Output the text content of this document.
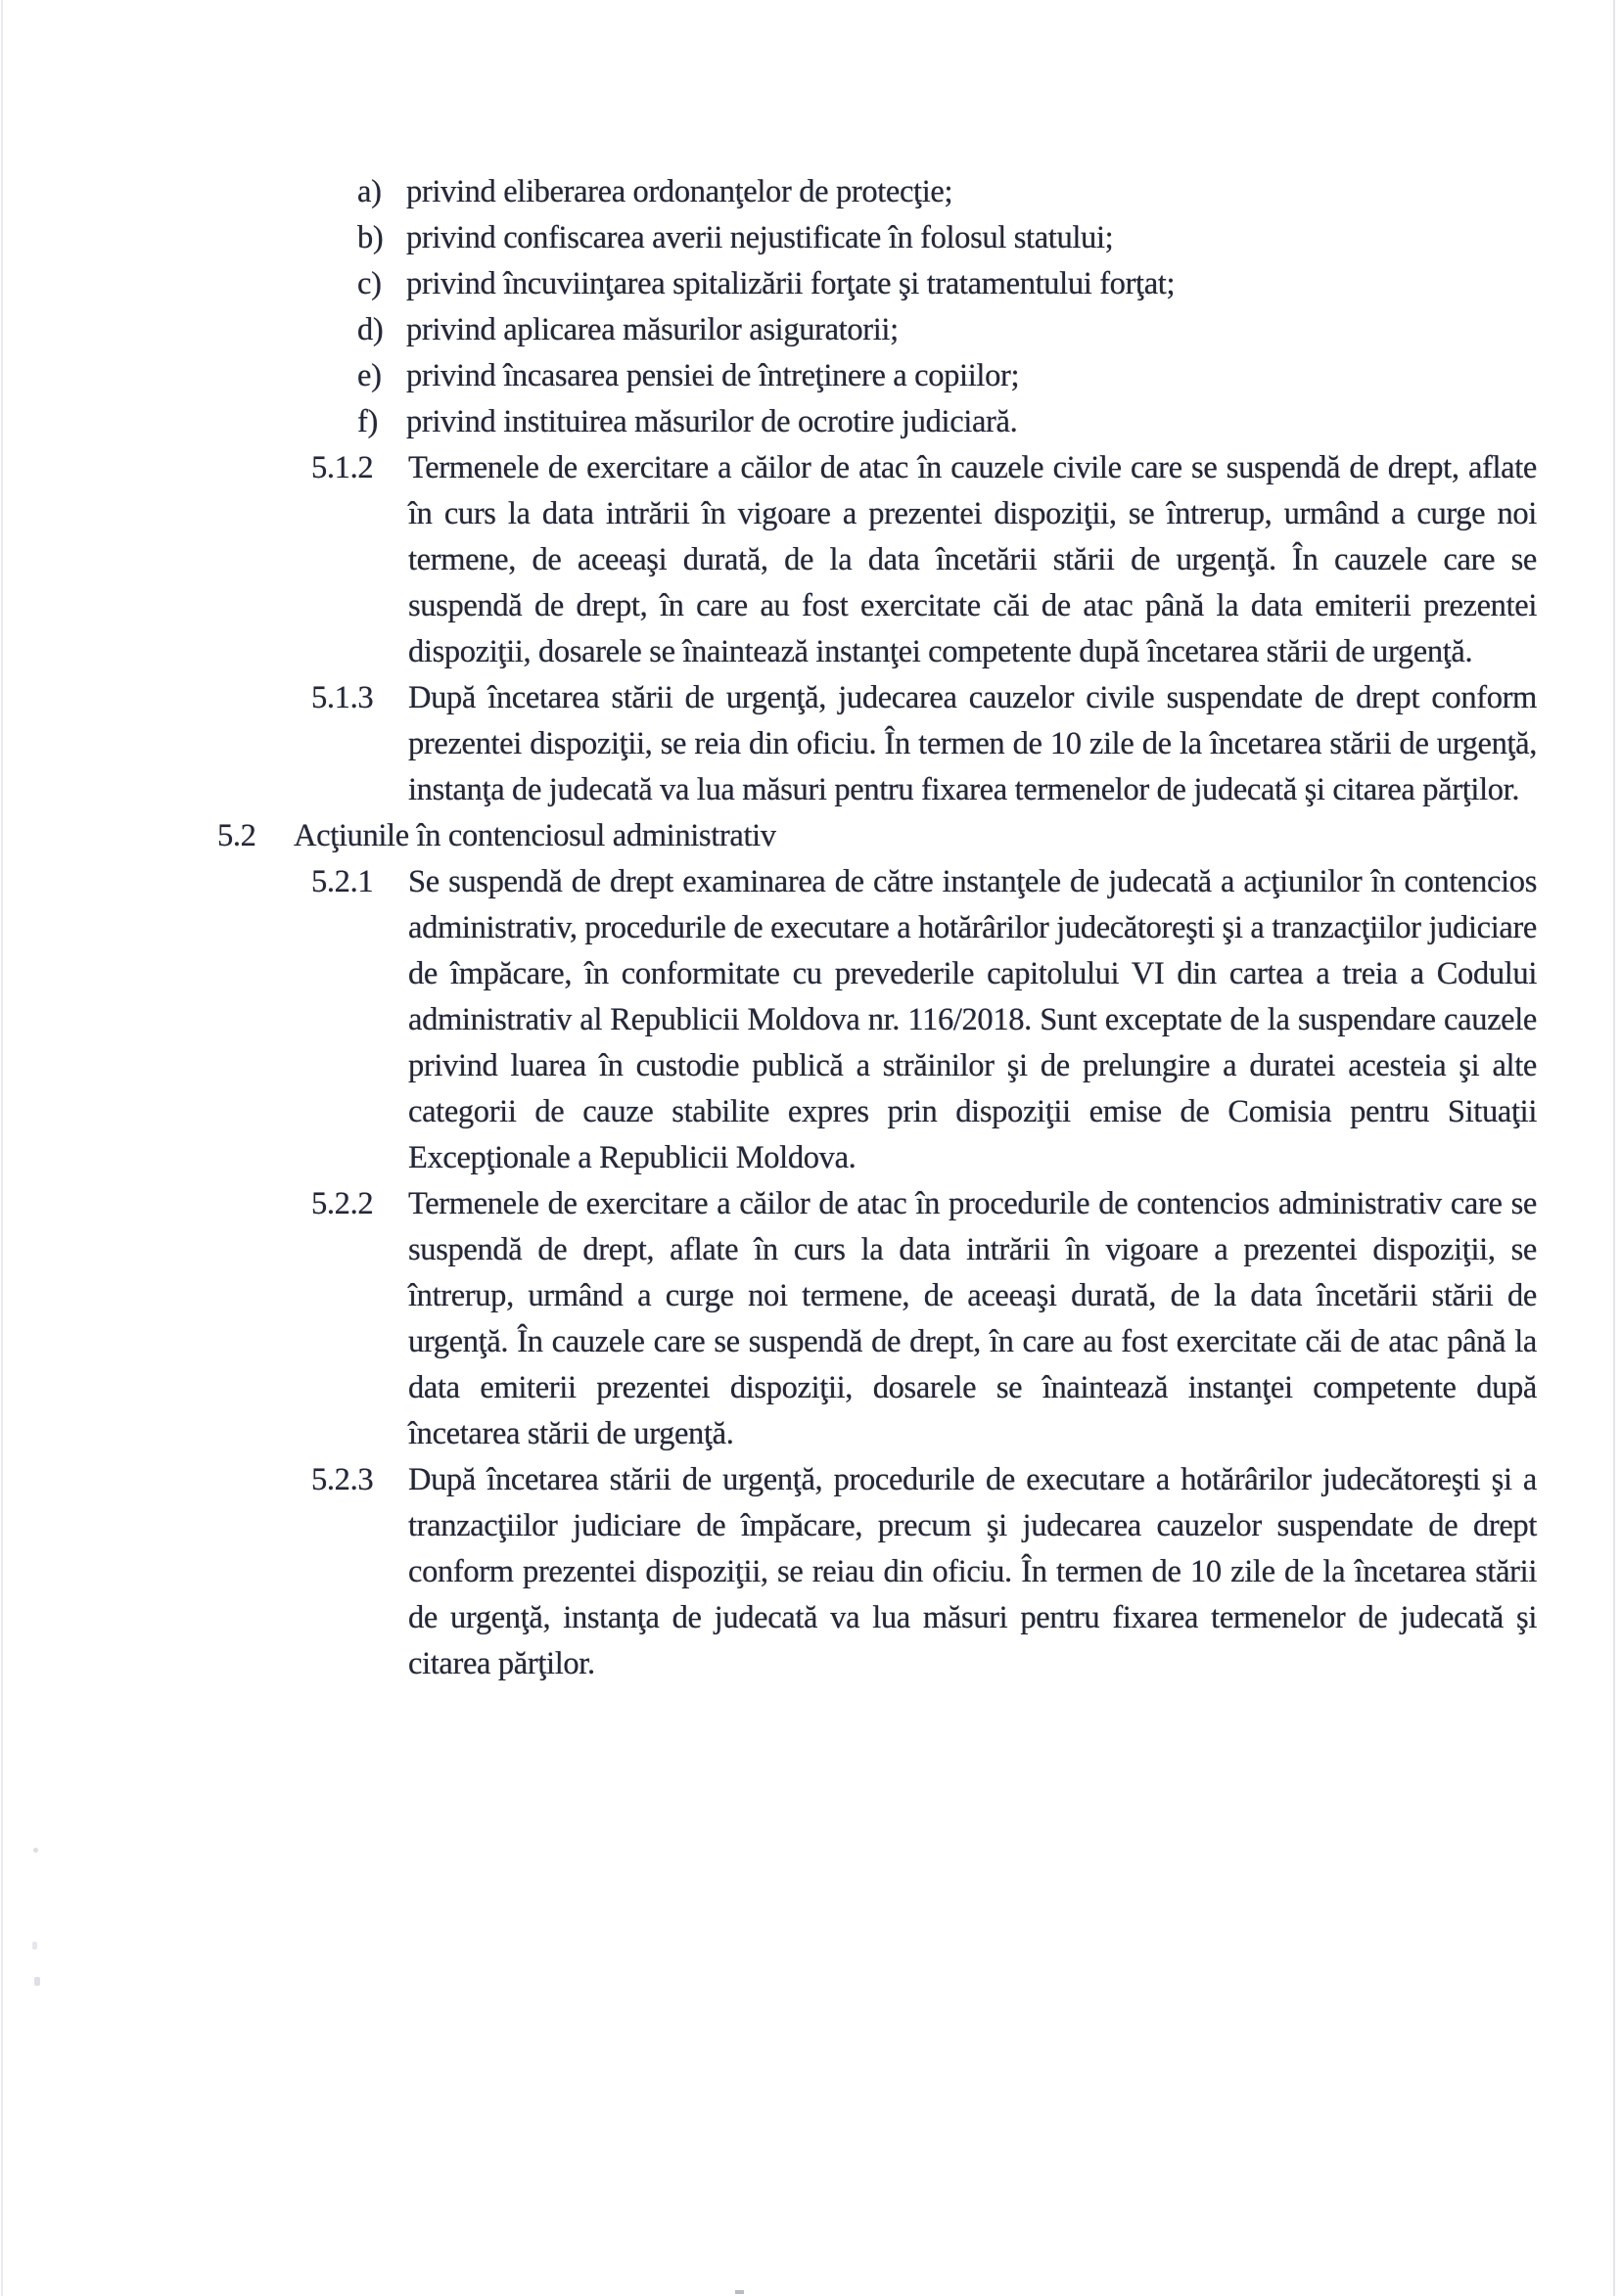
a) privind eliberarea ordonanţelor de protecţie;
b) privind confiscarea averii nejustificate în folosul statului;
c) privind încuviinţarea spitalizării forţate şi tratamentului forţat;
d) privind aplicarea măsurilor asiguratorii;
e) privind încasarea pensiei de întreţinere a copiilor;
f) privind instituirea măsurilor de ocrotire judiciară.
5.1.2	Termenele de exercitare a căilor de atac în cauzele civile care se suspendă de drept, aflate în curs la data intrării în vigoare a prezentei dispoziţii, se întrerup, urmând a curge noi termene, de aceeaşi durată, de la data încetării stării de urgenţă. În cauzele care se suspendă de drept, în care au fost exercitate căi de atac până la data emiterii prezentei dispoziţii, dosarele se înaintează instanţei competente după încetarea stării de urgenţă.

5.1.3	După încetarea stării de urgenţă, judecarea cauzelor civile suspendate de drept conform prezentei dispoziţii, se reia din oficiu. În termen de 10 zile de la încetarea stării de urgenţă, instanţa de judecată va lua măsuri pentru fixarea termenelor de judecată şi citarea părţilor.

5.2	Acţiunile în contenciosul administrativ
5.2.1	Se suspendă de drept examinarea de către instanţele de judecată a acţiunilor în contencios administrativ, procedurile de executare a hotărârilor judecătoreşti şi a tranzacţiilor judiciare de împăcare, în conformitate cu prevederile capitolului VI din cartea a treia a Codului administrativ al Republicii Moldova nr. 116/2018. Sunt exceptate de la suspendare cauzele privind luarea în custodie publică a străinilor şi de prelungire a duratei acesteia şi alte categorii de cauze stabilite expres prin dispoziţii emise de Comisia pentru Situaţii Excepţionale a Republicii Moldova.

5.2.2	Termenele de exercitare a căilor de atac în procedurile de contencios administrativ care se suspendă de drept, aflate în curs la data intrării în vigoare a prezentei dispoziţii, se întrerup, urmând a curge noi termene, de aceeaşi durată, de la data încetării stării de urgenţă. În cauzele care se suspendă de drept, în care au fost exercitate căi de atac până la data emiterii prezentei dispoziţii, dosarele se înaintează instanţei competente după încetarea stării de urgenţă.

5.2.3	După încetarea stării de urgenţă, procedurile de executare a hotărârilor judecătoreşti şi a tranzacţiilor judiciare de împăcare, precum şi judecarea cauzelor suspendate de drept conform prezentei dispoziţii, se reiau din oficiu. În termen de 10 zile de la încetarea stării de urgenţă, instanţa de judecată va lua măsuri pentru fixarea termenelor de judecată şi citarea părţilor.
